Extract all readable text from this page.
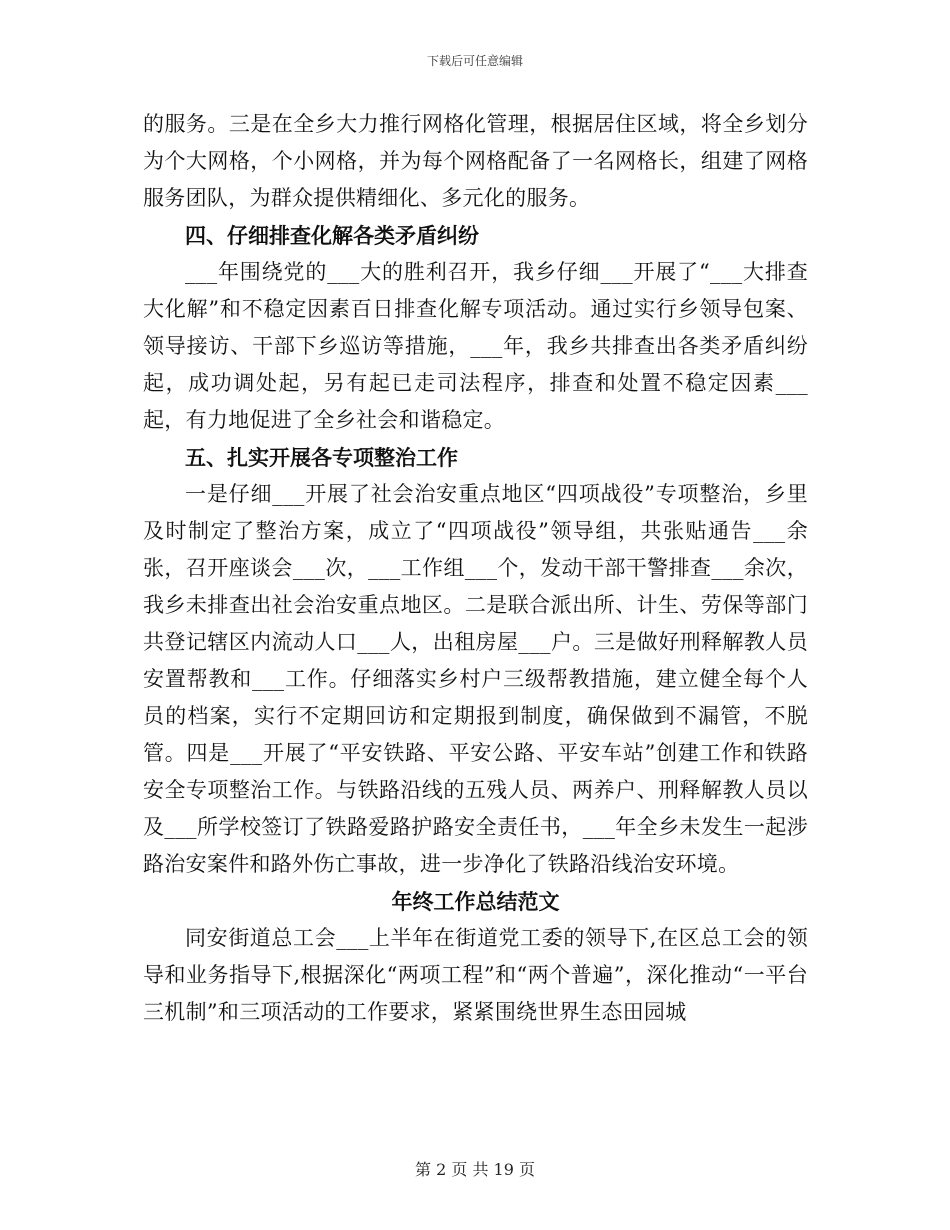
下载后可任意编辑

的服务。三是在全乡大力推行网格化管理，根据居住区域，将全乡划分为个大网格，个小网格，并为每个网格配备了一名网格长，组建了网格服务团队，为群众提供精细化、多元化的服务。

四、仔细排查化解各类矛盾纠纷

___年围绕党的___大的胜利召开，我乡仔细___开展了“___大排查大化解”和不稳定因素百日排查化解专项活动。通过实行乡领导包案、领导接访、干部下乡巡访等措施，___年，我乡共排查出各类矛盾纠纷起，成功调处起，另有起已走司法程序，排查和处置不稳定因素___起，有力地促进了全乡社会和谐稳定。

五、扎实开展各专项整治工作

一是仔细___开展了社会治安重点地区“四项战役”专项整治，乡里及时制定了整治方案，成立了“四项战役”领导组，共张贴通告___余张，召开座谈会___次，___工作组___个，发动干部干警排查___余次，我乡未排查出社会治安重点地区。二是联合派出所、计生、劳保等部门共登记辖区内流动人口___人，出租房屋___户。三是做好刑释解教人员安置帮教和___工作。仔细落实乡村户三级帮教措施，建立健全每个人员的档案，实行不定期回访和定期报到制度，确保做到不漏管，不脱管。四是___开展了“平安铁路、平安公路、平安车站”创建工作和铁路安全专项整治工作。与铁路沿线的五残人员、两养户、刑释解教人员以及___所学校签订了铁路爱路护路安全责任书，___年全乡未发生一起涉路治安案件和路外伤亡事故，进一步净化了铁路沿线治安环境。

年终工作总结范文

同安街道总工会___上半年在街道党工委的领导下,在区总工会的领导和业务指导下,根据深化“两项工程”和“两个普遍”，深化推动“一平台三机制”和三项活动的工作要求，紧紧围绕世界生态田园城

第 2 页 共 19 页
